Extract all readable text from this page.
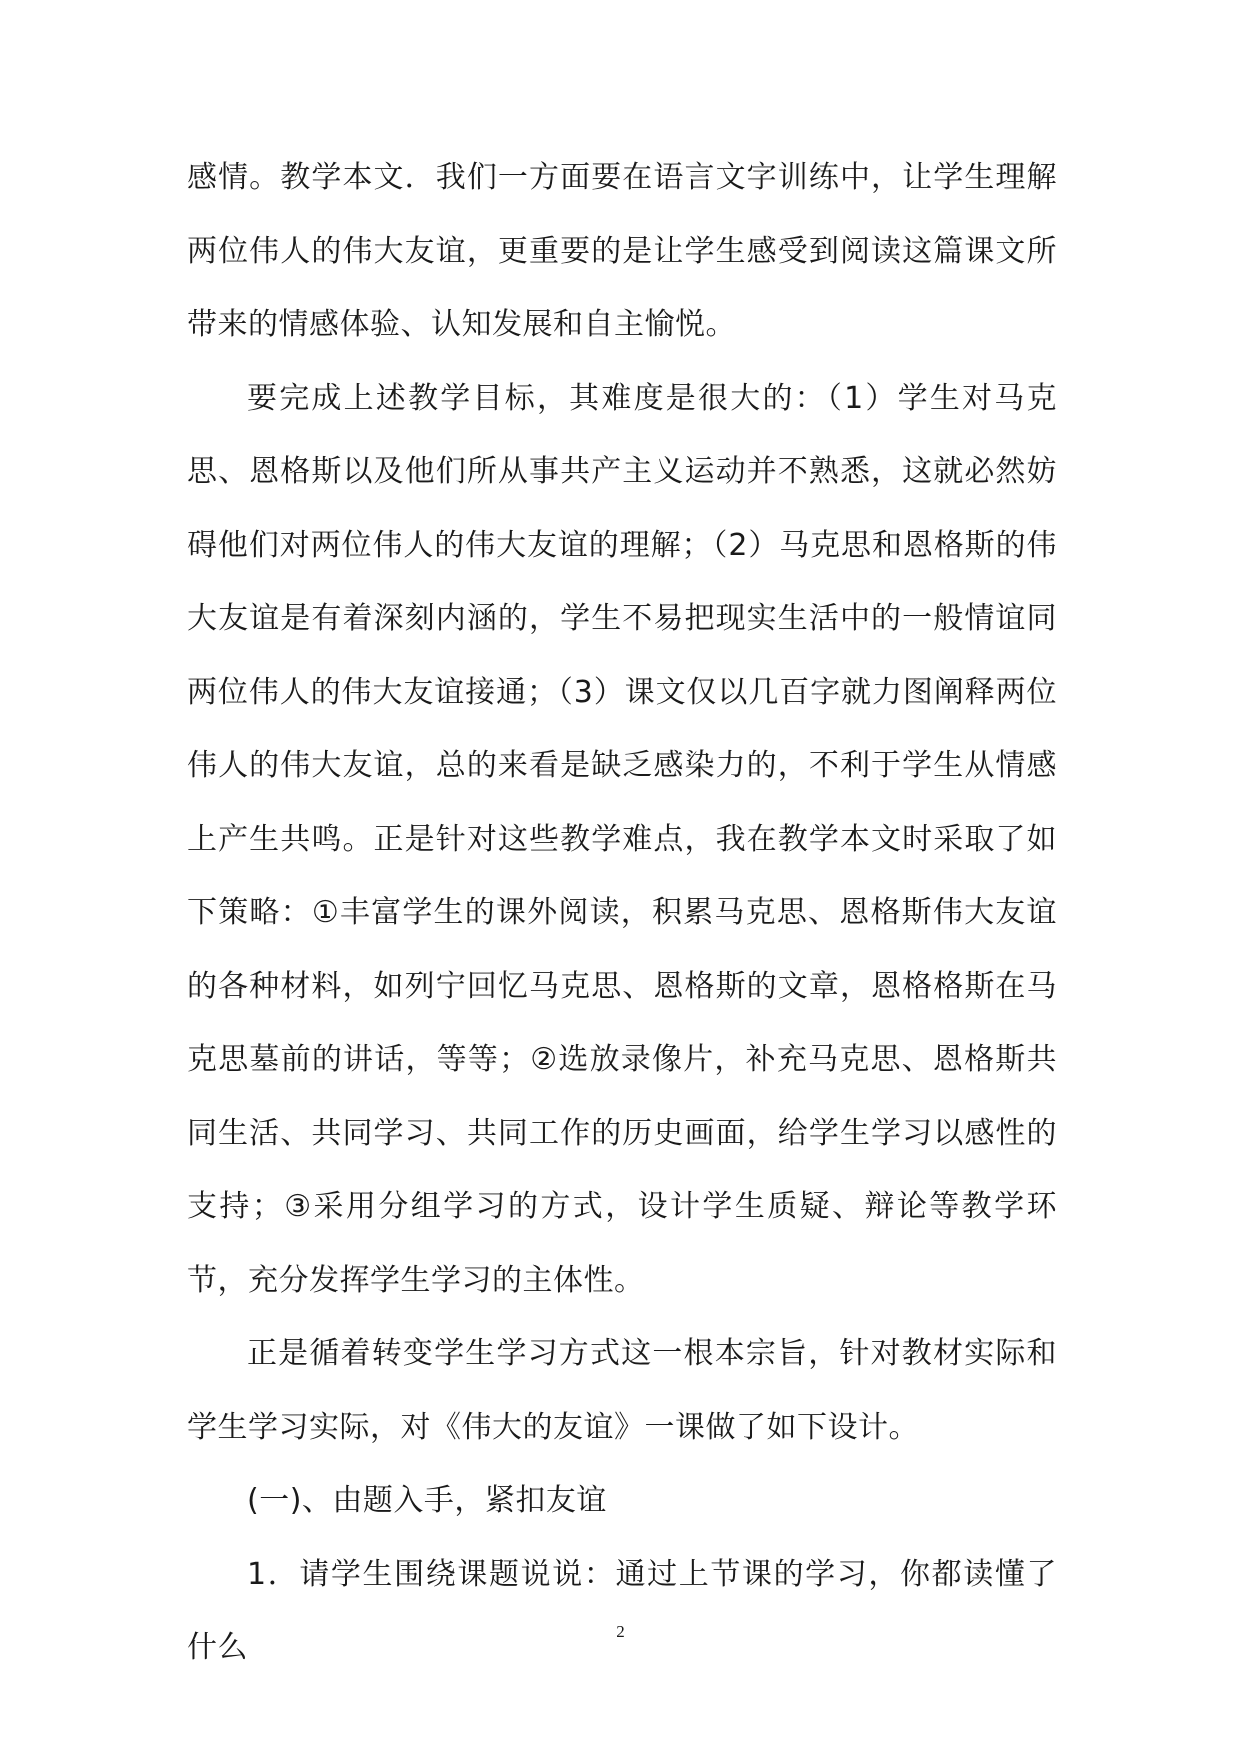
感情。教学本文．我们一方面要在语言文字训练中，让学生理解两位伟人的伟大友谊，更重要的是让学生感受到阅读这篇课文所带来的情感体验、认知发展和自主愉悦。

要完成上述教学目标，其难度是很大的：（1）学生对马克思、恩格斯以及他们所从事共产主义运动并不熟悉，这就必然妨碍他们对两位伟人的伟大友谊的理解；（2）马克思和恩格斯的伟大友谊是有着深刻内涵的，学生不易把现实生活中的一般情谊同两位伟人的伟大友谊接通；（3）课文仅以几百字就力图阐释两位伟人的伟大友谊，总的来看是缺乏感染力的，不利于学生从情感上产生共鸣。正是针对这些教学难点，我在教学本文时采取了如下策略：①丰富学生的课外阅读，积累马克思、恩格斯伟大友谊的各种材料，如列宁回忆马克思、恩格斯的文章，恩格格斯在马克思墓前的讲话，等等；②选放录像片，补充马克思、恩格斯共同生活、共同学习、共同工作的历史画面，给学生学习以感性的支持；③采用分组学习的方式，设计学生质疑、辩论等教学环节，充分发挥学生学习的主体性。

正是循着转变学生学习方式这一根本宗旨，针对教材实际和学生学习实际，对《伟大的友谊》一课做了如下设计。

(一)、由题入手，紧扣友谊

1．请学生围绕课题说说：通过上节课的学习，你都读懂了什么	2
